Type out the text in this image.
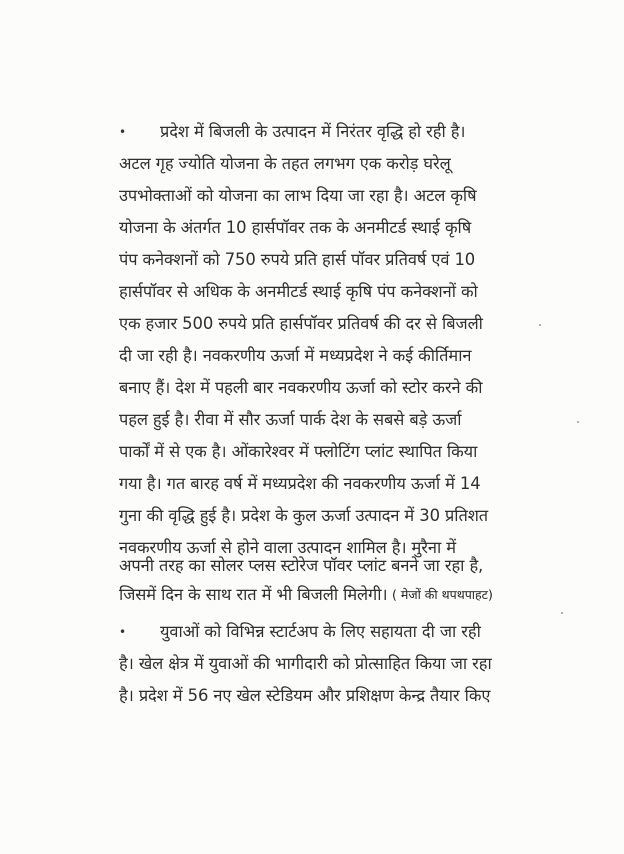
• प्रदेश में बिजली के उत्पादन में निरंतर वृद्धि हो रही है।
अटल गृह ज्योति योजना के तहत लगभग एक करोड़ घरेलू
उपभोक्ताओं को योजना का लाभ दिया जा रहा है। अटल कृषि
योजना के अंतर्गत 10 हार्सपॉवर तक के अनमीटर्ड स्थाई कृषि
पंप कनेक्शनों को 750 रुपये प्रति हार्स पॉवर प्रतिवर्ष एवं 10
हार्सपॉवर से अधिक के अनमीटर्ड स्थाई कृषि पंप कनेक्शनों को
एक हजार 500 रुपये प्रति हार्सपॉवर प्रतिवर्ष की दर से बिजली
दी जा रही है। नवकरणीय ऊर्जा में मध्यप्रदेश ने कई कीर्तिमान
बनाए हैं। देश में पहली बार नवकरणीय ऊर्जा को स्टोर करने की
पहल हुई है। रीवा में सौर ऊर्जा पार्क देश के सबसे बड़े ऊर्जा
पार्कों में से एक है। ओंकारेश्वर में फ्लोटिंग प्लांट स्थापित किया
गया है। गत बारह वर्ष में मध्यप्रदेश की नवकरणीय ऊर्जा में 14
गुना की वृद्धि हुई है। प्रदेश के कुल ऊर्जा उत्पादन में 30 प्रतिशत
नवकरणीय ऊर्जा से होने वाला उत्पादन शामिल है। मुरैना में
अपनी तरह का सोलर प्लस स्टोरेज पॉवर प्लांट बनने जा रहा है,
जिसमें दिन के साथ रात में भी बिजली मिलेगी। ( मेजों की थपथपाहट)
• युवाओं को विभिन्न स्टार्टअप के लिए सहायता दी जा रही
है। खेल क्षेत्र में युवाओं की भागीदारी को प्रोत्साहित किया जा रहा
है। प्रदेश में 56 नए खेल स्टेडियम और प्रशिक्षण केन्द्र तैयार किए
